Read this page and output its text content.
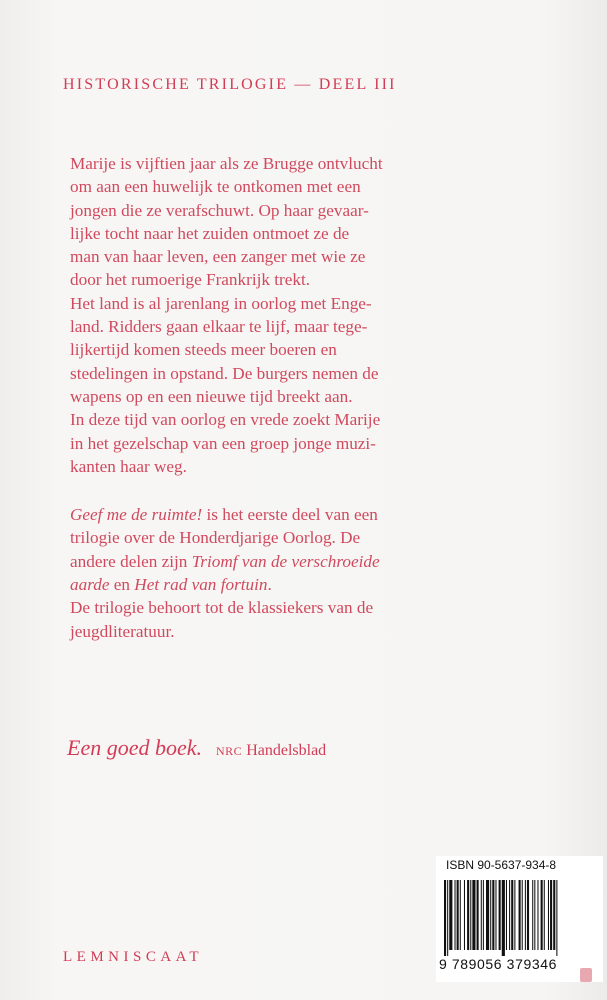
HISTORISCHE TRILOGIE — DEEL III
Marije is vijftien jaar als ze Brugge ontvlucht
om aan een huwelijk te ontkomen met een
jongen die ze verafschuwt. Op haar gevaar-
lijke tocht naar het zuiden ontmoet ze de
man van haar leven, een zanger met wie ze
door het rumoerige Frankrijk trekt.
Het land is al jarenlang in oorlog met Enge-
land. Ridders gaan elkaar te lijf, maar tege-
lijkertijd komen steeds meer boeren en
stedelingen in opstand. De burgers nemen de
wapens op en een nieuwe tijd breekt aan.
In deze tijd van oorlog en vrede zoekt Marije
in het gezelschap van een groep jonge muzi-
kanten haar weg.
Geef me de ruimte! is het eerste deel van een
trilogie over de Honderdjarige Oorlog. De
andere delen zijn Triomf van de verschroeide
aarde en Het rad van fortuin.
De trilogie behoort tot de klassiekers van de
jeugdliteratuur.
Een goed boek. NRC Handelsblad
LEMNISCAAT
ISBN 90-5637-934-8
9 789056 379346
